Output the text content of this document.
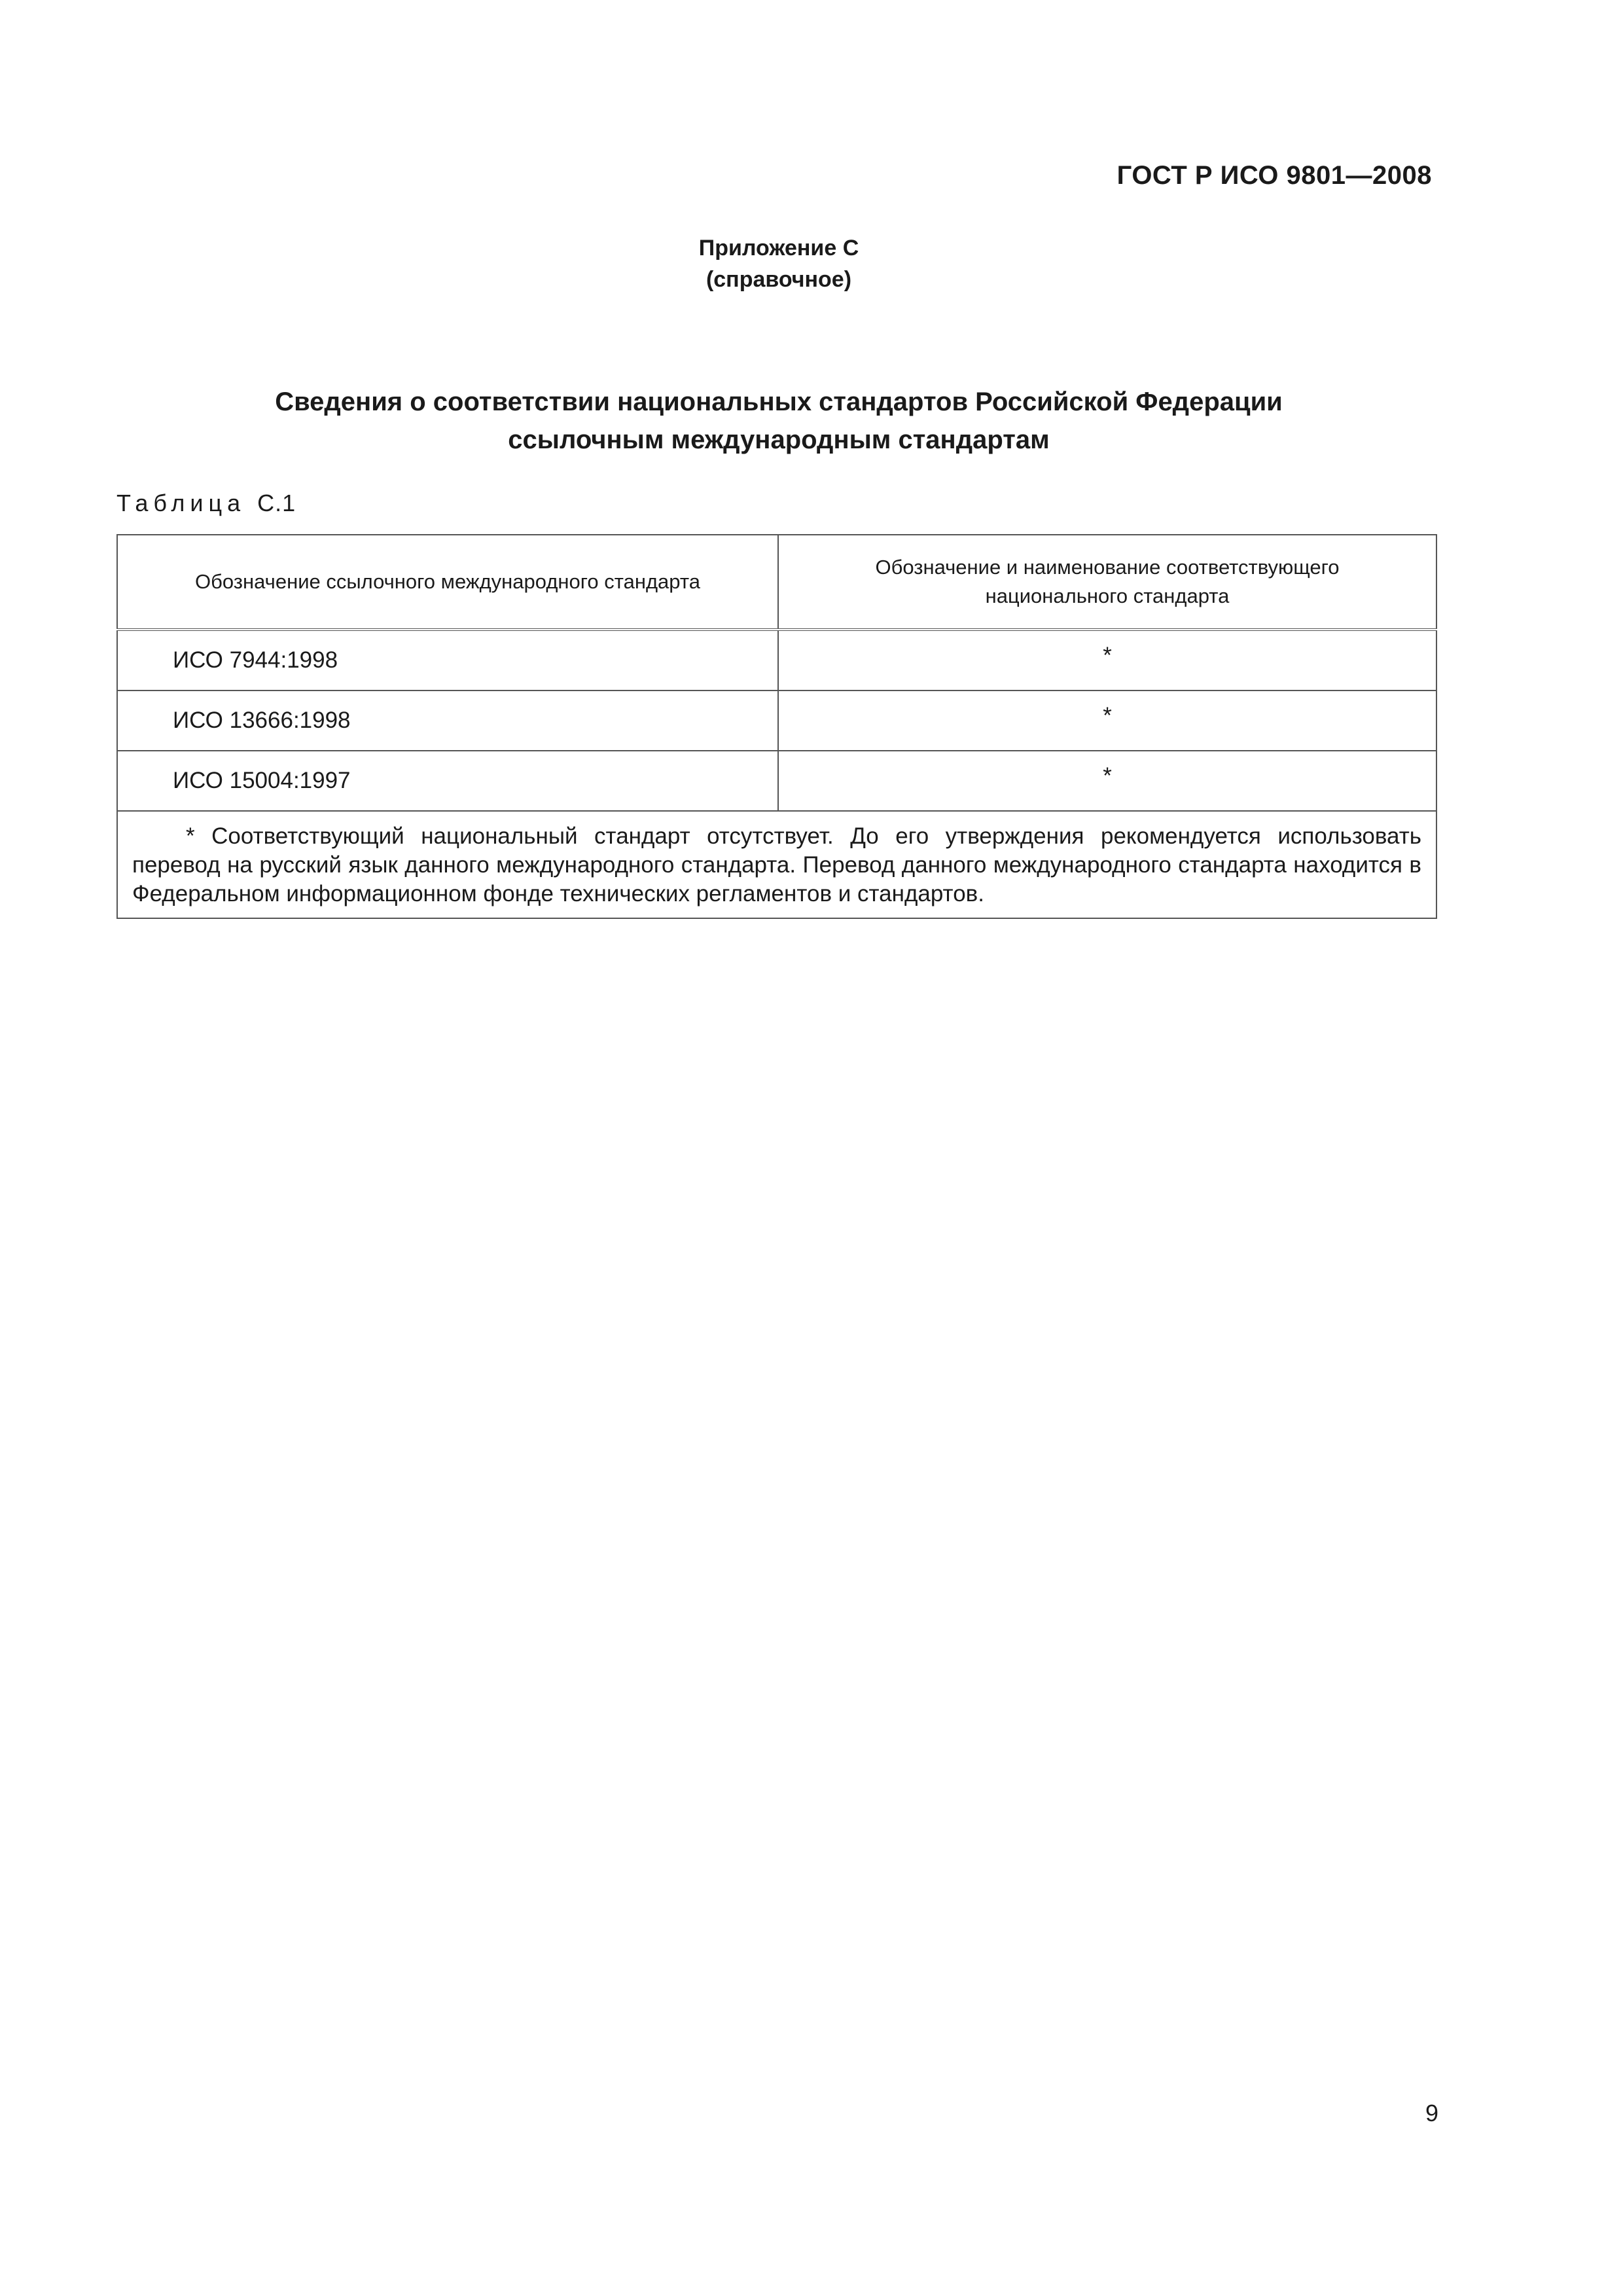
ГОСТ Р ИСО 9801—2008
Приложение С
(справочное)
Сведения о соответствии национальных стандартов Российской Федерации
ссылочным международным стандартам
Таблица С.1
Обозначение ссылочного международного стандарта	Обозначение и наименование соответствующего национального стандарта

ИСО 7944:1998	*
ИСО 13666:1998	*
ИСО 15004:1997	*
* Соответствующий национальный стандарт отсутствует. До его утверждения рекомендуется использовать перевод на русский язык данного международного стандарта. Перевод данного международного стандарта находится в Федеральном информационном фонде технических регламентов и стандартов.	
9
